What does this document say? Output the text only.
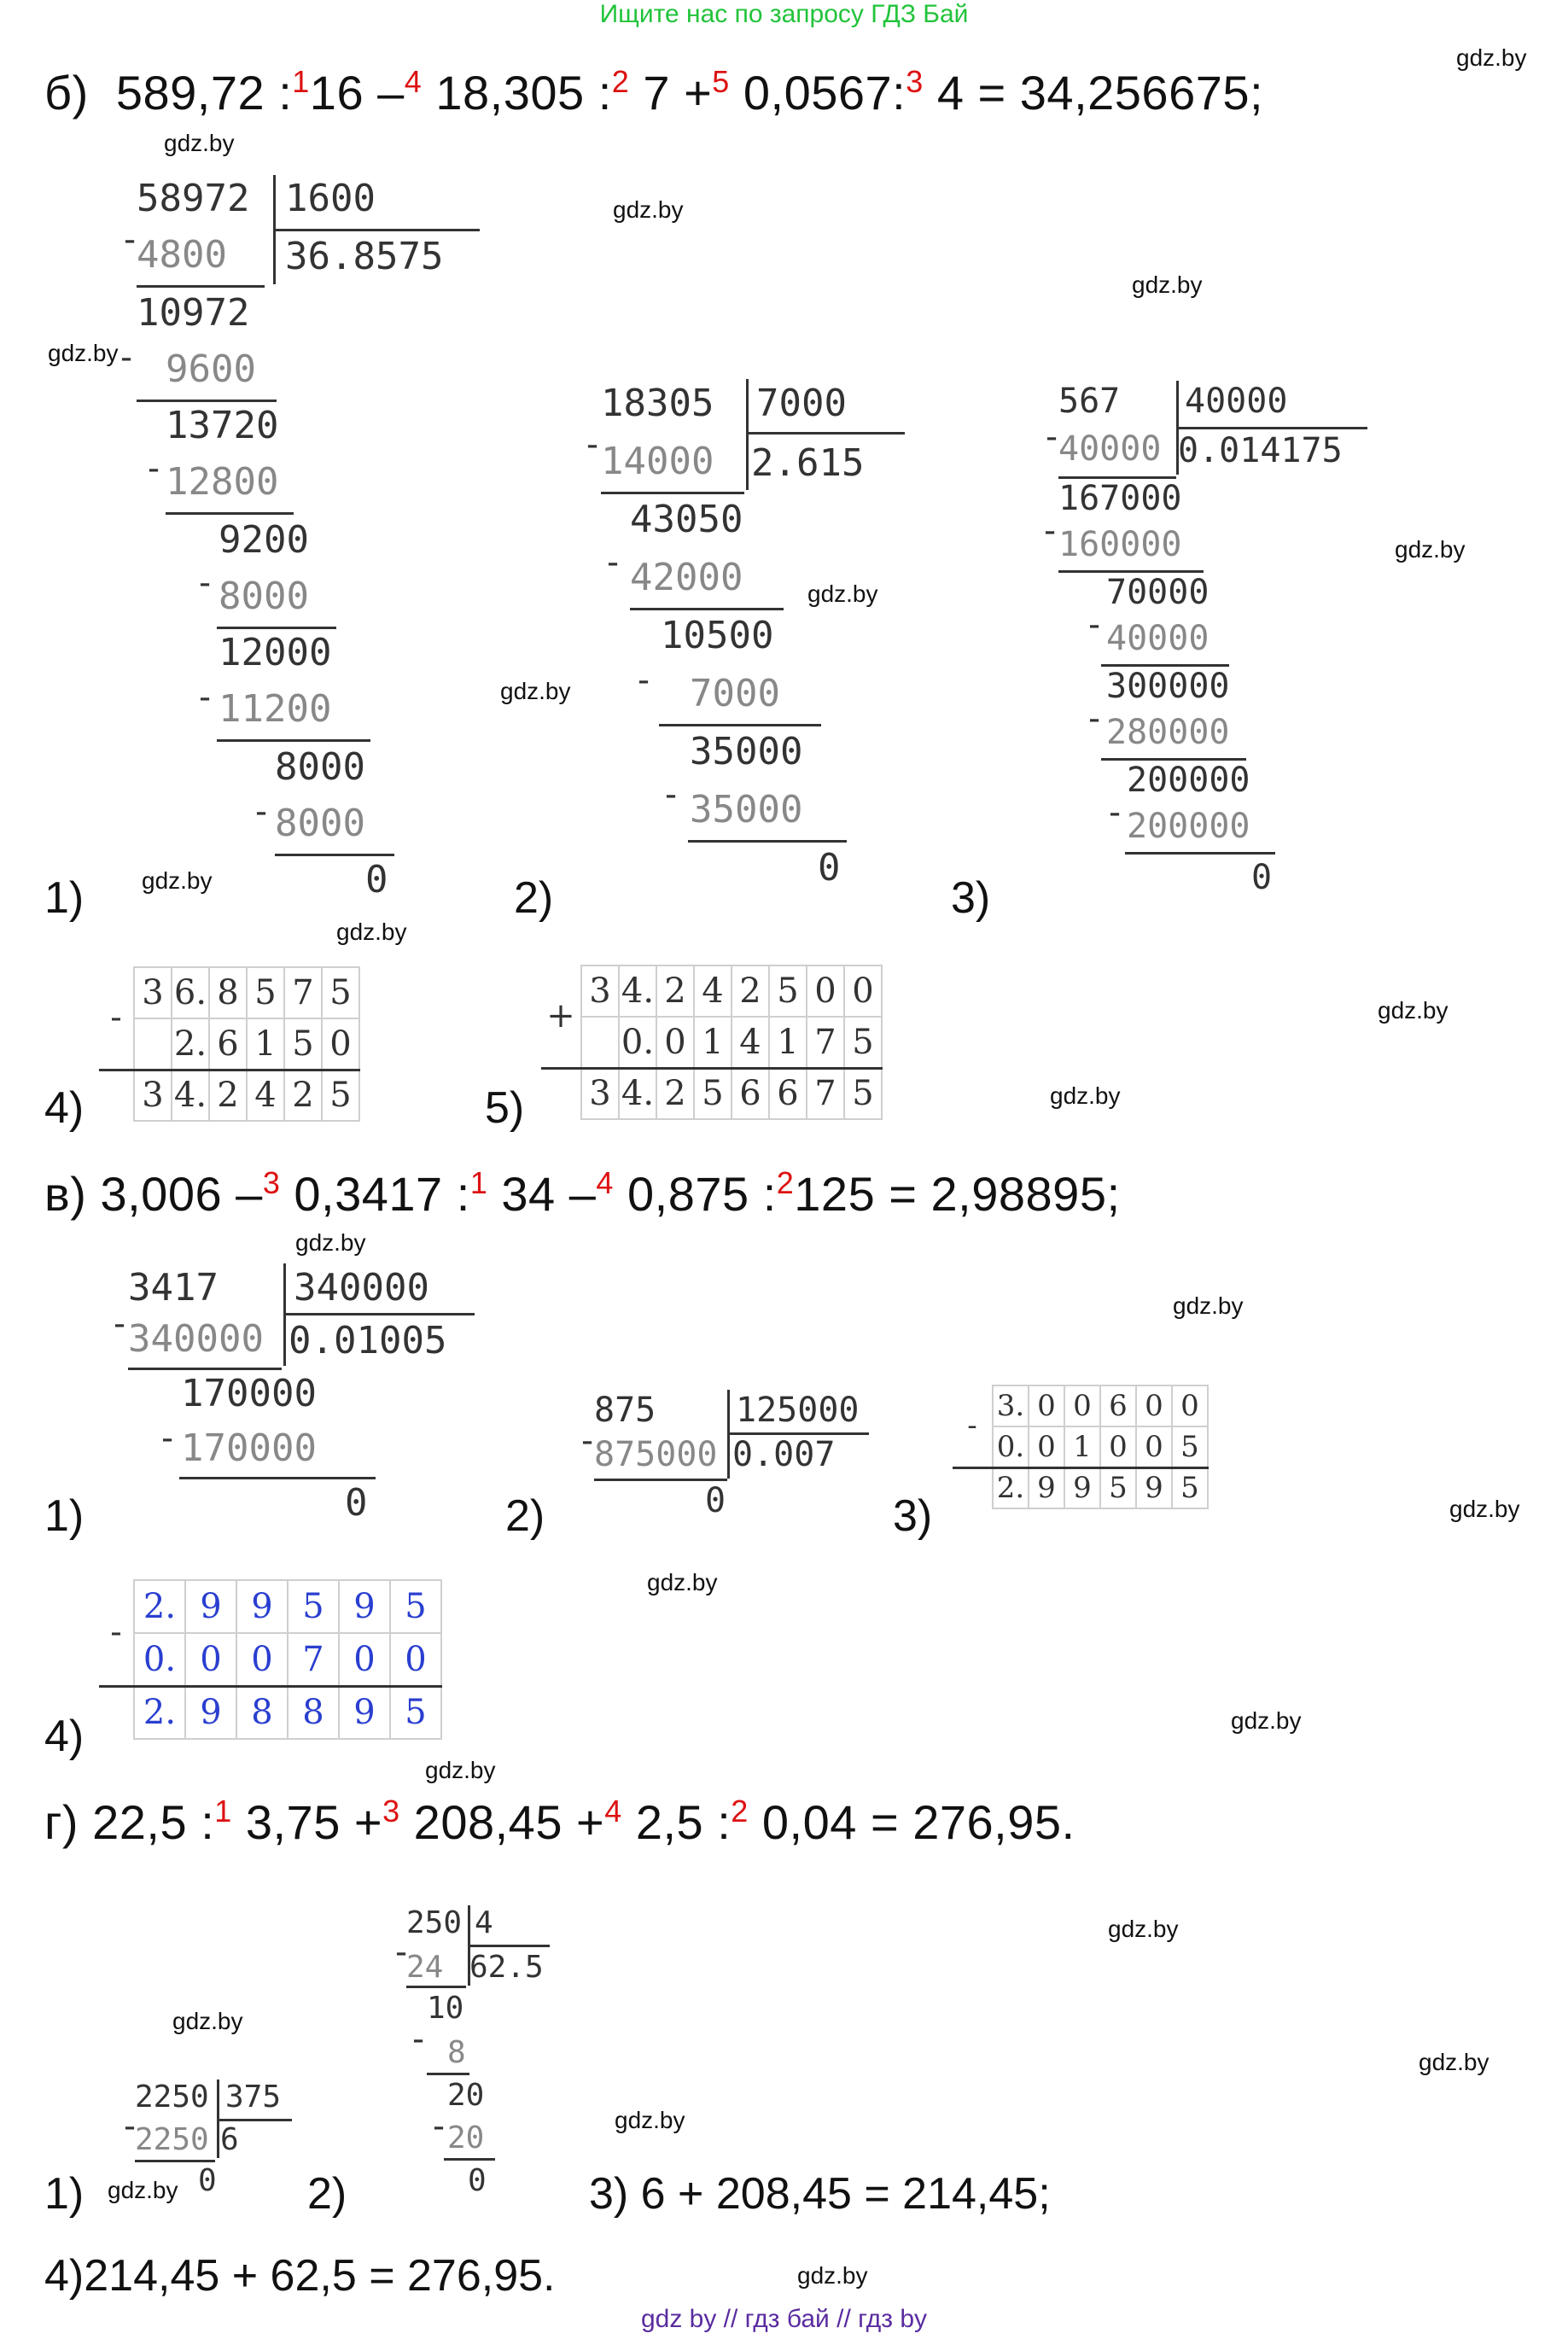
Ищите нас по запросу ГДЗ Бай
gdz.by
gdz.by
gdz.by
gdz.by
gdz.by
gdz.by
gdz.by
gdz.by
gdz.by
gdz.by
gdz.by
gdz.by
gdz.by
gdz.by
gdz.by
gdz.by
gdz.by
gdz.by
gdz.by
gdz.by
gdz.by
gdz.by
gdz.by
gdz.by
б) 589,72 :$^1$16 –$^4$ 18,305 :$^2$ 7 +$^5$ 0,0567:$^3$ 4 = 34,256675;
58972 1600
36.8575
-
4800
10972
- 9600
13720
- 12800
9200
- 8000
12000
- 11200
8000
- 8000
0
18305 7000
2.615
-
14000
43050
- 42000
10500
- 7000
35000
- 35000
0
567 40000
0.014175
-
40000
167000
-
160000
70000
- 40000
300000
- 280000
200000
- 200000
0
1)	2)	3)
4)	5)
-	3	6.	8	5	7	5
		2.	6	1	5	0
	3	4.	2	4	2	5
+	3	4.	2	4	2	5	0	0
		0.	0	1	4	1	7	5
	3	4.	2	5	6	6	7	5
в) 3,006 –$^3$ 0,3417 :$^1$ 34 –$^4$ 0,875 :$^2$125 = 2,98895;
3417 340000
0.01005
-
340000
170000
- 170000
0
875 125000
0.007
-
875000
0
-	3.	0	0	6	0	0
	0.	0	1	0	0	5
	2.	9	9	5	9	5
1)	2)	3)
4)
-	2.	9	9	5	9	5
	0.	0	0	7	0	0
	2.	9	8	8	9	5
г) 22,5 :$^1$ 3,75 +$^3$ 208,45 +$^4$ 2,5 :$^2$ 0,04 = 276,95.
2250 375
6
-
2250
0
250 4
62.5
-
24
10
- 8
20
-
20
0
1)	2)	3) 6 + 208,45 = 214,45;
4)214,45 + 62,5 = 276,95.
gdz by // гдз бай // гдз by
